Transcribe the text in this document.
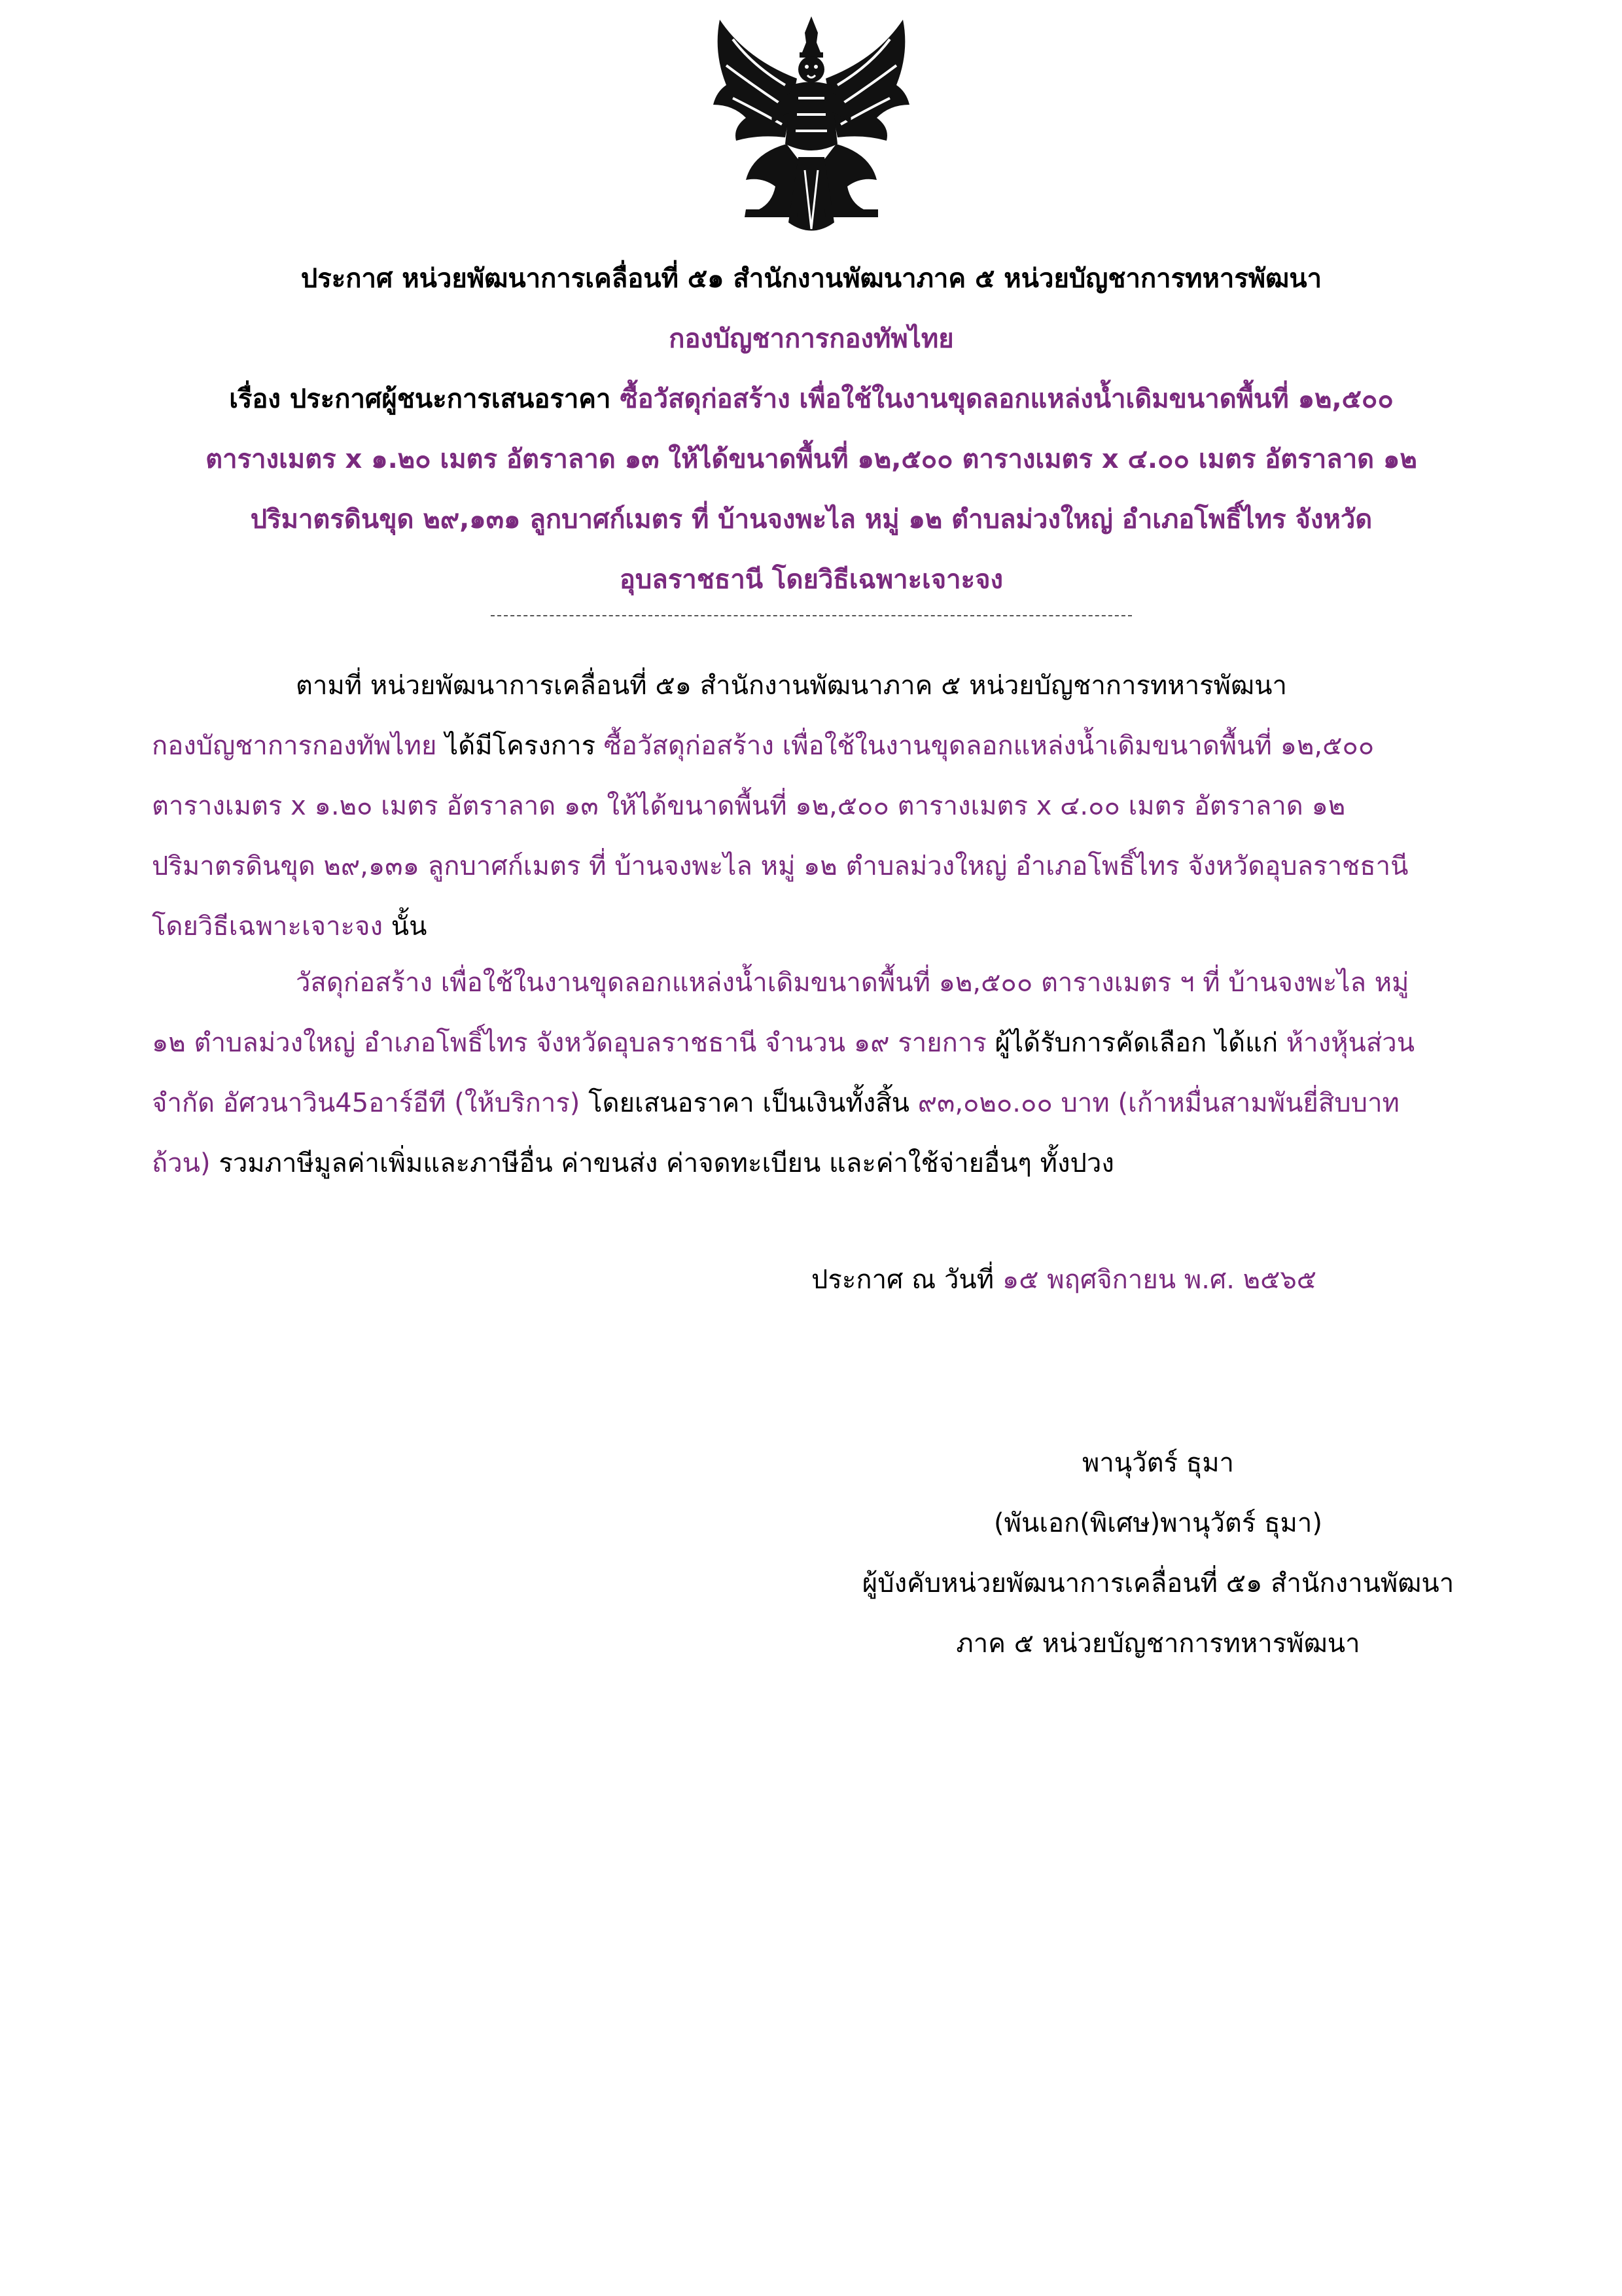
ประกาศ หน่วยพัฒนาการเคลื่อนที่ ๕๑ สำนักงานพัฒนาภาค ๕ หน่วยบัญชาการทหารพัฒนา
กองบัญชาการกองทัพไทย
เรื่อง ประกาศผู้ชนะการเสนอราคา ซื้อวัสดุก่อสร้าง เพื่อใช้ในงานขุดลอกแหล่งน้ำเดิมขนาดพื้นที่ ๑๒,๕๐๐
ตารางเมตร x ๑.๒๐ เมตร อัตราลาด ๑๓ ให้ได้ขนาดพื้นที่ ๑๒,๕๐๐ ตารางเมตร x ๔.๐๐ เมตร อัตราลาด ๑๒
ปริมาตรดินขุด ๒๙,๑๓๑ ลูกบาศก์เมตร ที่ บ้านจงพะไล หมู่ ๑๒ ตำบลม่วงใหญ่ อำเภอโพธิ์ไทร จังหวัด
อุบลราชธานี โดยวิธีเฉพาะเจาะจง
ตามที่ หน่วยพัฒนาการเคลื่อนที่ ๕๑ สำนักงานพัฒนาภาค ๕ หน่วยบัญชาการทหารพัฒนา
กองบัญชาการกองทัพไทย ได้มีโครงการ ซื้อวัสดุก่อสร้าง เพื่อใช้ในงานขุดลอกแหล่งน้ำเดิมขนาดพื้นที่ ๑๒,๕๐๐
ตารางเมตร x ๑.๒๐ เมตร อัตราลาด ๑๓ ให้ได้ขนาดพื้นที่ ๑๒,๕๐๐ ตารางเมตร x ๔.๐๐ เมตร อัตราลาด ๑๒
ปริมาตรดินขุด ๒๙,๑๓๑ ลูกบาศก์เมตร ที่ บ้านจงพะไล หมู่ ๑๒ ตำบลม่วงใหญ่ อำเภอโพธิ์ไทร จังหวัดอุบลราชธานี
โดยวิธีเฉพาะเจาะจง นั้น
วัสดุก่อสร้าง เพื่อใช้ในงานขุดลอกแหล่งน้ำเดิมขนาดพื้นที่ ๑๒,๕๐๐ ตารางเมตร ฯ ที่ บ้านจงพะไล หมู่
๑๒ ตำบลม่วงใหญ่ อำเภอโพธิ์ไทร จังหวัดอุบลราชธานี จำนวน ๑๙ รายการ ผู้ได้รับการคัดเลือก ได้แก่ ห้างหุ้นส่วน
จำกัด อัศวนาวิน45อาร์อีที (ให้บริการ) โดยเสนอราคา เป็นเงินทั้งสิ้น ๙๓,๐๒๐.๐๐ บาท (เก้าหมื่นสามพันยี่สิบบาท
ถ้วน) รวมภาษีมูลค่าเพิ่มและภาษีอื่น ค่าขนส่ง ค่าจดทะเบียน และค่าใช้จ่ายอื่นๆ ทั้งปวง
ประกาศ ณ วันที่ ๑๕ พฤศจิกายน พ.ศ. ๒๕๖๕
พานุวัตร์ ธุมา
(พันเอก(พิเศษ)พานุวัตร์ ธุมา)
ผู้บังคับหน่วยพัฒนาการเคลื่อนที่ ๕๑ สำนักงานพัฒนา
ภาค ๕ หน่วยบัญชาการทหารพัฒนา
